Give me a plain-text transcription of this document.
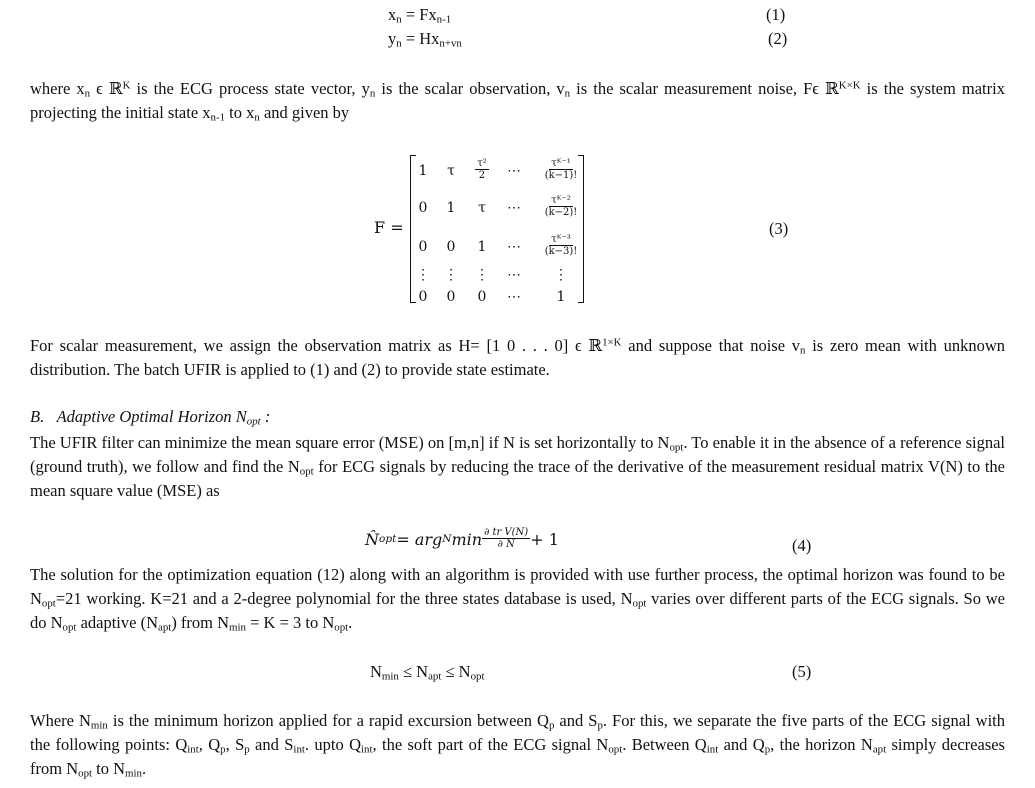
$x_n = Fx_{n-1}$	(1)
$y_n = Hx_{n+vn}$	(2)
where $x_n$ ϵ ℝ$^K$ is the ECG process state vector, $y_n$ is the scalar observation, $v_n$ is the scalar measurement noise, Fϵ ℝ$^{K\times K}$ is the system matrix projecting the initial state $x_{n-1}$ to $x_n$ and given by
F =
1	τ	$\frac{\text{τ²}}{2}$ ⋯	$\frac{\text{τᴷ⁻¹}}{(k-1)!}$
0	1	τ	⋯	$\frac{\text{τᴷ⁻²}}{(k-2)!}$
0	0	1	⋯	$\frac{\text{τᴷ⁻³}}{(k-3)!}$
⋮ ⋮ ⋮ ⋯ ⋮
0	0	0	⋯	1
(3)
For scalar measurement, we assign the observation matrix as H= [1 0 . . . 0] ϵ ℝ$^{1\times K}$ and suppose that noise $v_n$ is zero mean with unknown distribution. The batch UFIR is applied to (1) and (2) to provide state estimate.
B. Adaptive Optimal Horizon $N_{opt}$ :
The UFIR filter can minimize the mean square error (MSE) on [m,n] if N is set horizontally to $N_{opt}$. To enable it in the absence of a reference signal (ground truth), we follow and find the $N_{opt}$ for ECG signals by reducing the trace of the derivative of the measurement residual matrix V(N) to the mean square value (MSE) as
N̂ opt = arg N $\min \frac{\text{∂ tr V(N)}}{\partial N} + 1$	(4)
The solution for the optimization equation (12) along with an algorithm is provided with use further process, the optimal horizon was found to be $N_{opt}=21$ working. K=21 and a 2-degree polynomial for the three states database is used, $N_{opt}$ varies over different parts of the ECG signals. So we do $N_{opt}$ adaptive $(N_{apt})$ from $N_{min} = K = 3$ to $N_{opt}$.
$N_{min} \le N_{apt} \le N_{opt}$	(5)
Where $N_{min}$ is the minimum horizon applied for a rapid excursion between $Q_p$ and $S_p$. For this, we separate the five parts of the ECG signal with the following points: $Q_{int}$, $Q_p$, $S_p$ and $S_{int}$. upto $Q_{int}$, the soft part of the ECG signal $N_{opt}$. Between $Q_{int}$ and $Q_p$, the horizon $N_{apt}$ simply decreases from $N_{opt}$ to $N_{min}$.
